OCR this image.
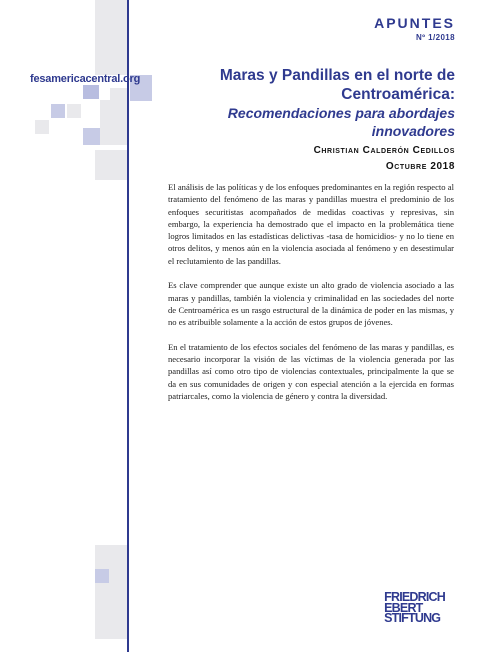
fesamericacentral.org
APUNTES
Nº 1/2018
Maras y Pandillas en el norte de Centroamérica:
Recomendaciones para abordajes innovadores
Christian Calderón Cedillos
Octubre 2018

El análisis de las políticas y de los enfoques predominantes en la región respecto al tratamiento del fenómeno de las maras y pandillas muestra el predominio de los enfoques securitistas acompañados de medidas coactivas y represivas, sin embargo, la experiencia ha demostrado que el impacto en la problemática tiene logros limitados en las estadísticas delictivas -tasa de homicidios- y no lo tiene en otros delitos, y menos aún en la violencia asociada al fenómeno y en desestimular el reclutamiento de las pandillas.

Es clave comprender que aunque existe un alto grado de violencia asociado a las maras y pandillas, también la violencia y criminalidad en las sociedades del norte de Centroamérica es un rasgo estructural de la dinámica de poder en las mismas, y no es atribuible solamente a la acción de estos grupos de jóvenes.

En el tratamiento de los efectos sociales del fenómeno de las maras y pandillas, es necesario incorporar la visión de las víctimas de la violencia generada por las pandillas así como otro tipo de violencias contextuales, principalmente la que se da en sus comunidades de origen y con especial atención a la ejercida en formas patriarcales, como la violencia de género y contra la diversidad.

FRIEDRICH
EBERT
STIFTUNG
